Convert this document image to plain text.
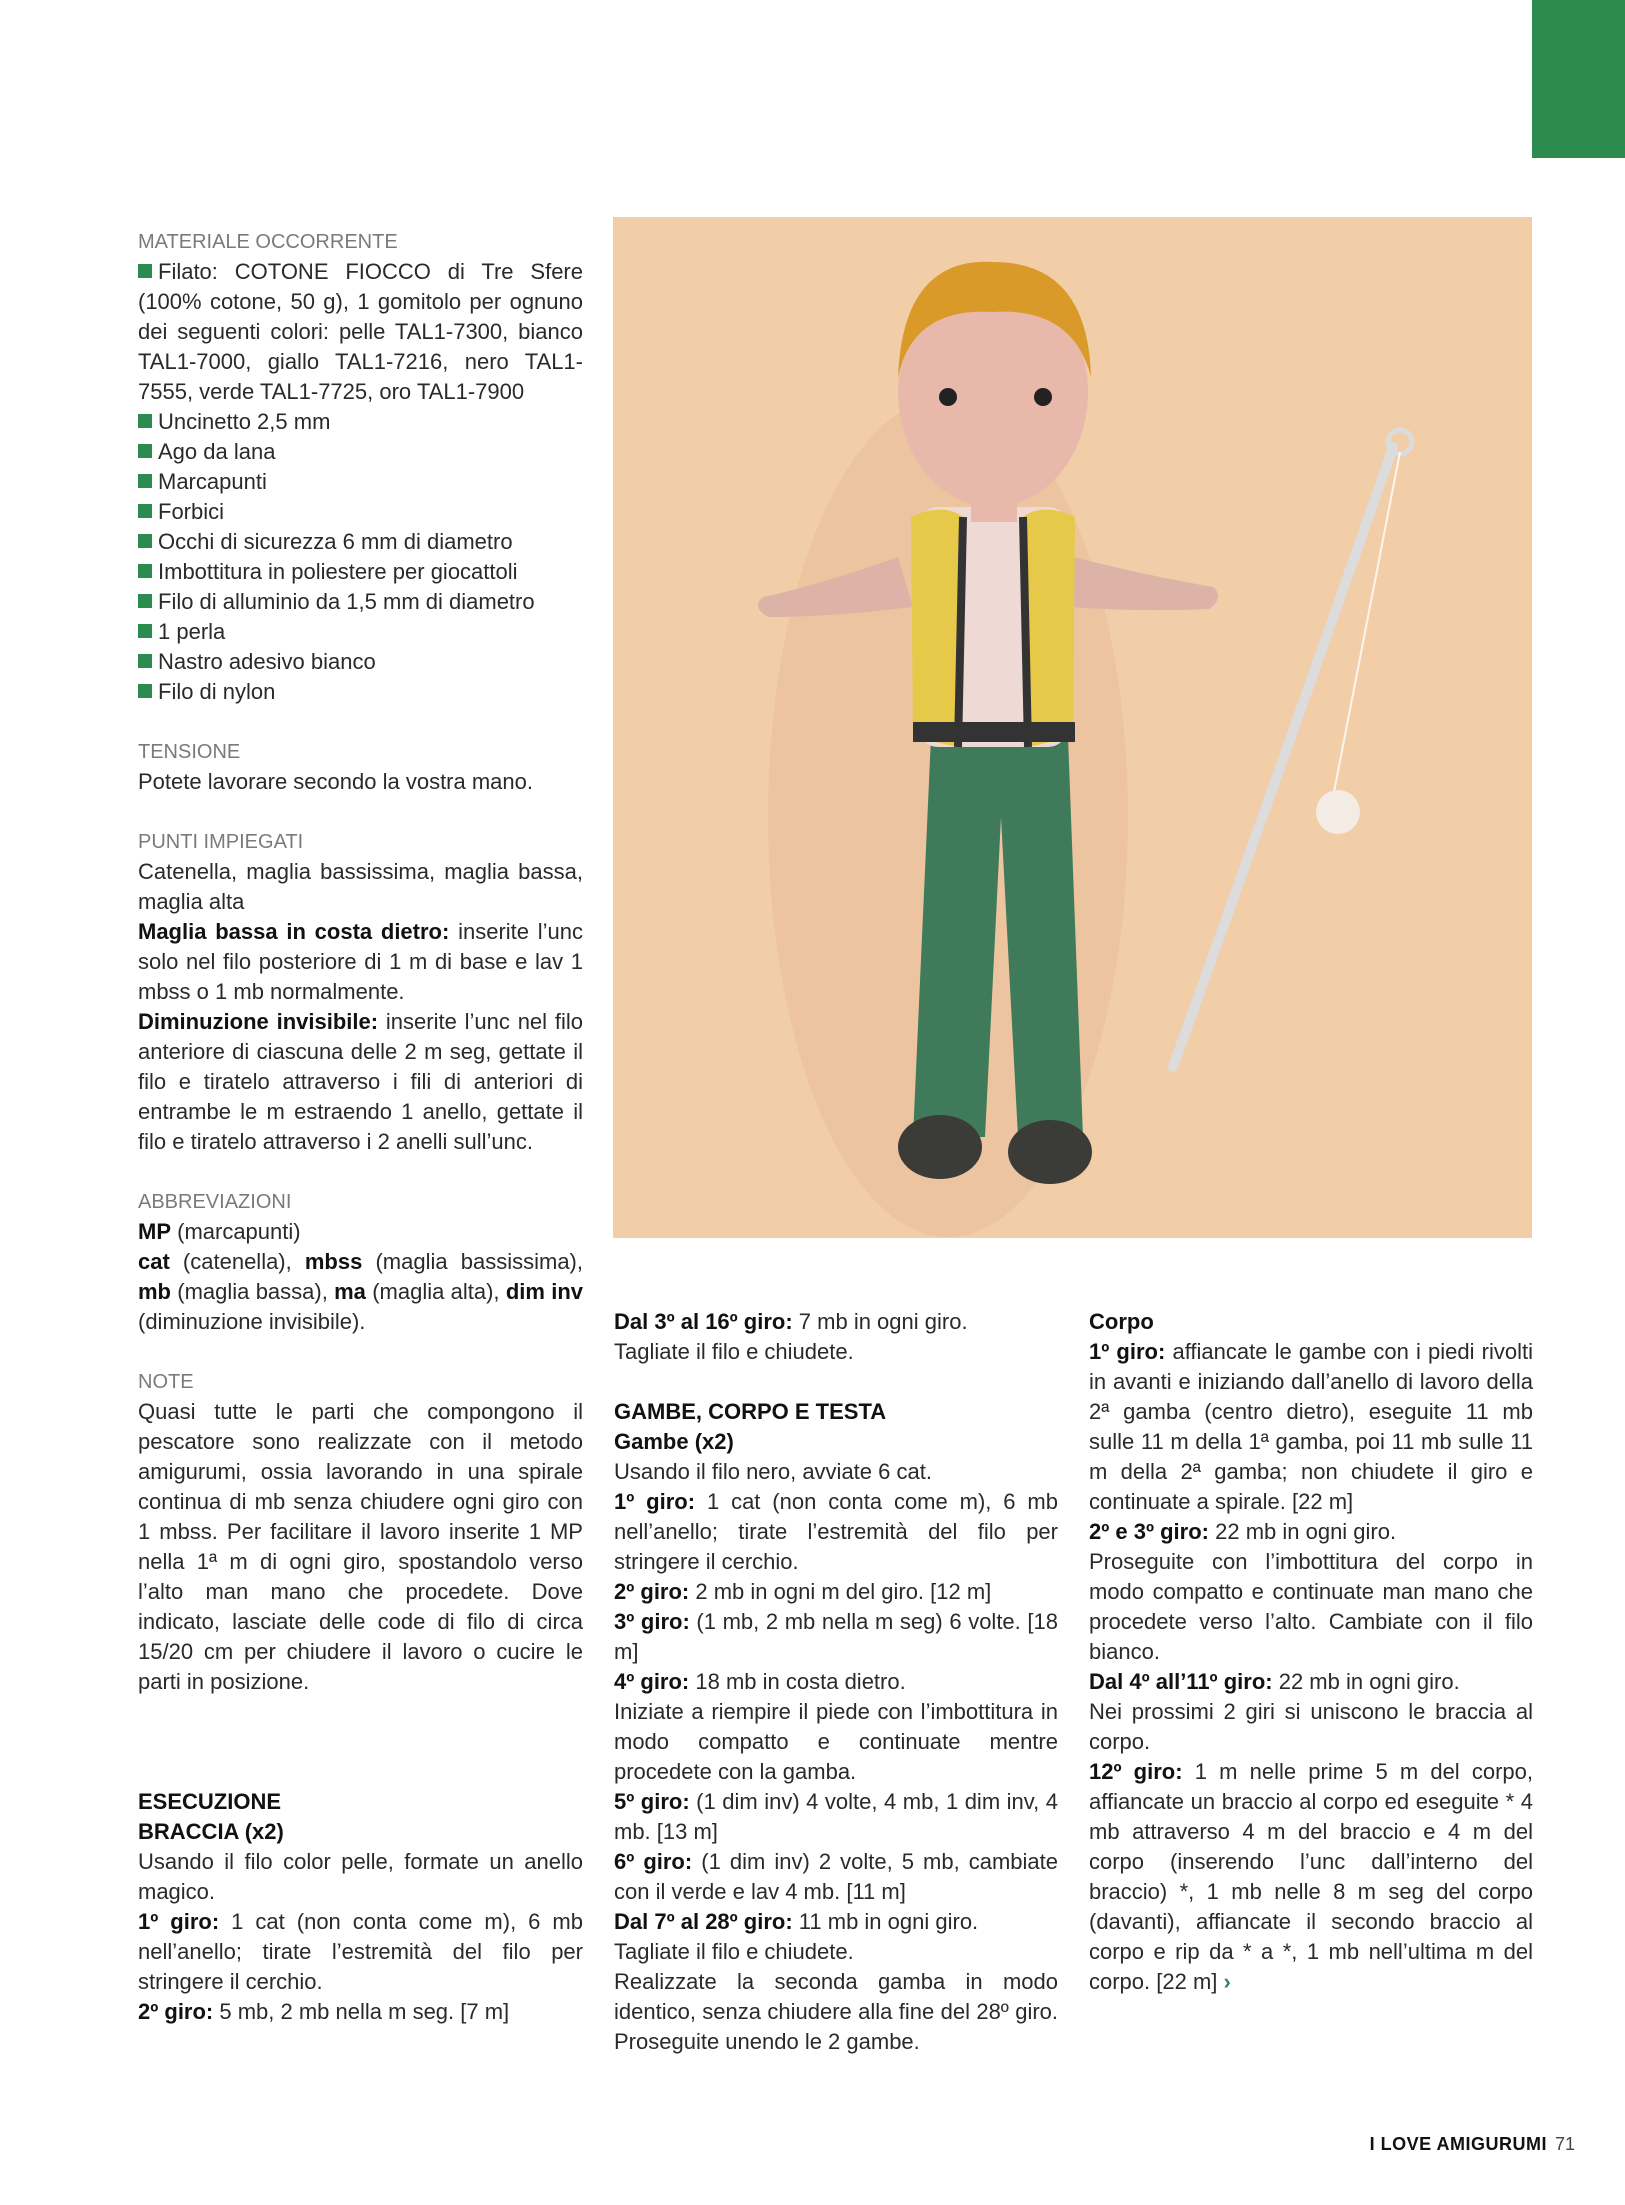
MATERIALE OCCORRENTE

Filato: COTONE FIOCCO di Tre Sfere (100% cotone, 50 g), 1 gomitolo per ognuno dei seguenti colori: pelle TAL1-7300, bianco TAL1-7000, giallo TAL1-7216, nero TAL1-7555, verde TAL1-7725, oro TAL1-7900

Uncinetto 2,5 mm

Ago da lana

Marcapunti

Forbici

Occhi di sicurezza 6 mm di diametro

Imbottitura in poliestere per giocattoli

Filo di alluminio da 1,5 mm di diametro

1 perla

Nastro adesivo bianco

Filo di nylon

TENSIONE

Potete lavorare secondo la vostra mano.

PUNTI IMPIEGATI

Catenella, maglia bassissima, maglia bassa, maglia alta

Maglia bassa in costa dietro: inserite l’unc solo nel filo posteriore di 1 m di base e lav 1 mbss o 1 mb normalmente.

Diminuzione invisibile: inserite l’unc nel filo anteriore di ciascuna delle 2 m seg, gettate il filo e tiratelo attraverso i fili di anteriori di entrambe le m estraendo 1 anello, gettate il filo e tiratelo attraverso i 2 anelli sull’unc.

ABBREVIAZIONI

MP (marcapunti)

cat (catenella), mbss (maglia bassissima), mb (maglia bassa), ma (maglia alta), dim inv (diminuzione invisibile).

NOTE

Quasi tutte le parti che compongono il pescatore sono realizzate con il metodo amigurumi, ossia lavorando in una spirale continua di mb senza chiudere ogni giro con 1 mbss. Per facilitare il lavoro inserite 1 MP nella 1ª m di ogni giro, spostandolo verso l’alto man mano che procedete. Dove indicato, lasciate delle code di filo di circa 15/20 cm per chiudere il lavoro o cucire le parti in posizione.

ESECUZIONE

BRACCIA (x2)

Usando il filo color pelle, formate un anello magico.

1º giro: 1 cat (non conta come m), 6 mb nell’anello; tirate l’estremità del filo per stringere il cerchio.

2º giro: 5 mb, 2 mb nella m seg. [7 m]

Dal 3º al 16º giro: 7 mb in ogni giro.

Tagliate il filo e chiudete.

GAMBE, CORPO E TESTA

Gambe (x2)

Usando il filo nero, avviate 6 cat.

1º giro: 1 cat (non conta come m), 6 mb nell’anello; tirate l’estremità del filo per stringere il cerchio.

2º giro: 2 mb in ogni m del giro. [12 m]

3º giro: (1 mb, 2 mb nella m seg) 6 volte. [18 m]

4º giro: 18 mb in costa dietro.

Iniziate a riempire il piede con l’imbottitura in modo compatto e continuate mentre procedete con la gamba.

5º giro: (1 dim inv) 4 volte, 4 mb, 1 dim inv, 4 mb. [13 m]

6º giro: (1 dim inv) 2 volte, 5 mb, cambiate con il verde e lav 4 mb. [11 m]

Dal 7º al 28º giro: 11 mb in ogni giro.

Tagliate il filo e chiudete.

Realizzate la seconda gamba in modo identico, senza chiudere alla fine del 28º giro. Proseguite unendo le 2 gambe.

Corpo

1º giro: affiancate le gambe con i piedi rivolti in avanti e iniziando dall’anello di lavoro della 2ª gamba (centro dietro), eseguite 11 mb sulle 11 m della 1ª gamba, poi 11 mb sulle 11 m della 2ª gamba; non chiudete il giro e continuate a spirale. [22 m]

2º e 3º giro: 22 mb in ogni giro.

Proseguite con l’imbottitura del corpo in modo compatto e continuate man mano che procedete verso l’alto. Cambiate con il filo bianco.

Dal 4º all’11º giro: 22 mb in ogni giro.

Nei prossimi 2 giri si uniscono le braccia al corpo.

12º giro: 1 m nelle prime 5 m del corpo, affiancate un braccio al corpo ed eseguite * 4 mb attraverso 4 m del braccio e 4 m del corpo (inserendo l’unc dall’interno del braccio) *, 1 mb nelle 8 m seg del corpo (davanti), affiancate il secondo braccio al corpo e rip da * a *, 1 mb nell’ultima m del corpo. [22 m] ›

I LOVE AMIGURUMI 71
